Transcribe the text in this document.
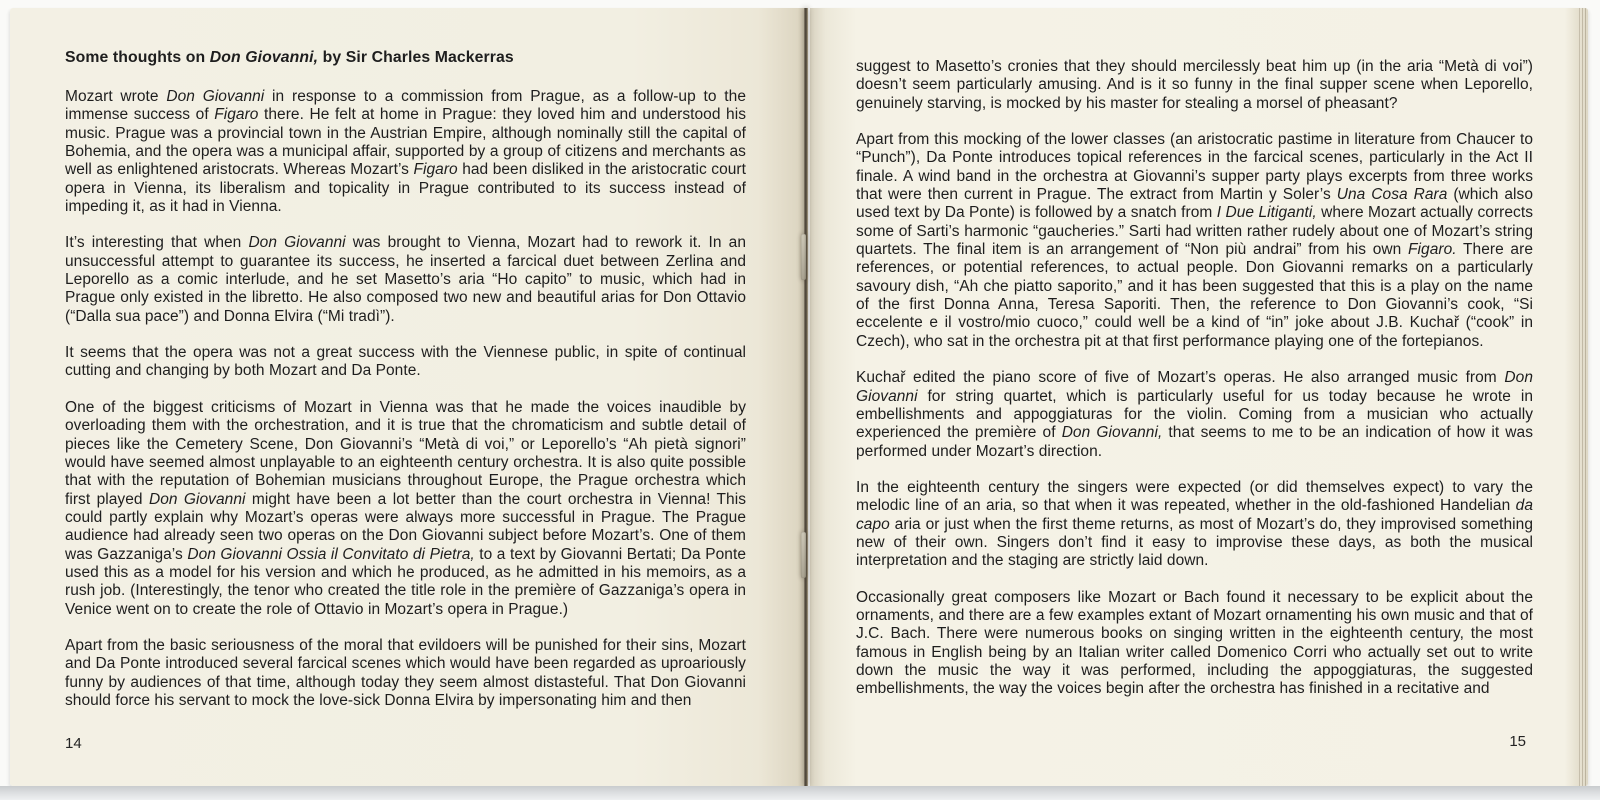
Some thoughts on Don Giovanni, by Sir Charles Mackerras

Mozart wrote Don Giovanni in response to a commission from Prague, as a follow-up to the immense success of Figaro there. He felt at home in Prague: they loved him and understood his music. Prague was a provincial town in the Austrian Empire, although nominally still the capital of Bohemia, and the opera was a municipal affair, supported by a group of citizens and merchants as well as enlightened aristocrats. Whereas Mozart’s Figaro had been disliked in the aristocratic court opera in Vienna, its liberalism and topicality in Prague contributed to its success instead of impeding it, as it had in Vienna.

It’s interesting that when Don Giovanni was brought to Vienna, Mozart had to rework it. In an unsuccessful attempt to guarantee its success, he inserted a farcical duet between Zerlina and Leporello as a comic interlude, and he set Masetto’s aria “Ho capito” to music, which had in Prague only existed in the libretto. He also composed two new and beautiful arias for Don Ottavio (“Dalla sua pace”) and Donna Elvira (“Mi tradì”).

It seems that the opera was not a great success with the Viennese public, in spite of continual cutting and changing by both Mozart and Da Ponte.

One of the biggest criticisms of Mozart in Vienna was that he made the voices inaudible by overloading them with the orchestration, and it is true that the chromaticism and subtle detail of pieces like the Cemetery Scene, Don Giovanni’s “Metà di voi,” or Leporello’s “Ah pietà signori” would have seemed almost unplayable to an eighteenth century orchestra. It is also quite possible that with the reputation of Bohemian musicians throughout Europe, the Prague orchestra which first played Don Giovanni might have been a lot better than the court orchestra in Vienna! This could partly explain why Mozart’s operas were always more successful in Prague. The Prague audience had already seen two operas on the Don Giovanni subject before Mozart’s. One of them was Gazzaniga’s Don Giovanni Ossia il Convitato di Pietra, to a text by Giovanni Bertati; Da Ponte used this as a model for his version and which he produced, as he admitted in his memoirs, as a rush job. (Interestingly, the tenor who created the title role in the première of Gazzaniga’s opera in Venice went on to create the role of Ottavio in Mozart’s opera in Prague.)

Apart from the basic seriousness of the moral that evildoers will be punished for their sins, Mozart and Da Ponte introduced several farcical scenes which would have been regarded as uproariously funny by audiences of that time, although today they seem almost distasteful. That Don Giovanni should force his servant to mock the love-sick Donna Elvira by impersonating him and then

14

suggest to Masetto’s cronies that they should mercilessly beat him up (in the aria “Metà di voi”) doesn’t seem particularly amusing. And is it so funny in the final supper scene when Leporello, genuinely starving, is mocked by his master for stealing a morsel of pheasant?

Apart from this mocking of the lower classes (an aristocratic pastime in literature from Chaucer to “Punch”), Da Ponte introduces topical references in the farcical scenes, particularly in the Act II finale. A wind band in the orchestra at Giovanni’s supper party plays excerpts from three works that were then current in Prague. The extract from Martin y Soler’s Una Cosa Rara (which also used text by Da Ponte) is followed by a snatch from I Due Litiganti, where Mozart actually corrects some of Sarti’s harmonic “gaucheries.” Sarti had written rather rudely about one of Mozart’s string quartets. The final item is an arrangement of “Non più andrai” from his own Figaro. There are references, or potential references, to actual people. Don Giovanni remarks on a particularly savoury dish, “Ah che piatto saporito,” and it has been suggested that this is a play on the name of the first Donna Anna, Teresa Saporiti. Then, the reference to Don Giovanni’s cook, “Si eccelente e il vostro/mio cuoco,” could well be a kind of “in” joke about J.B. Kuchař (“cook” in Czech), who sat in the orchestra pit at that first performance playing one of the fortepianos.

Kuchař edited the piano score of five of Mozart’s operas. He also arranged music from Don Giovanni for string quartet, which is particularly useful for us today because he wrote in embellishments and appoggiaturas for the violin. Coming from a musician who actually experienced the première of Don Giovanni, that seems to me to be an indication of how it was performed under Mozart’s direction.

In the eighteenth century the singers were expected (or did themselves expect) to vary the melodic line of an aria, so that when it was repeated, whether in the old-fashioned Handelian da capo aria or just when the first theme returns, as most of Mozart’s do, they improvised something new of their own. Singers don’t find it easy to improvise these days, as both the musical interpretation and the staging are strictly laid down.

Occasionally great composers like Mozart or Bach found it necessary to be explicit about the ornaments, and there are a few examples extant of Mozart ornamenting his own music and that of J.C. Bach. There were numerous books on singing written in the eighteenth century, the most famous in English being by an Italian writer called Domenico Corri who actually set out to write down the music the way it was performed, including the appoggiaturas, the suggested embellishments, the way the voices begin after the orchestra has finished in a recitative and

15
